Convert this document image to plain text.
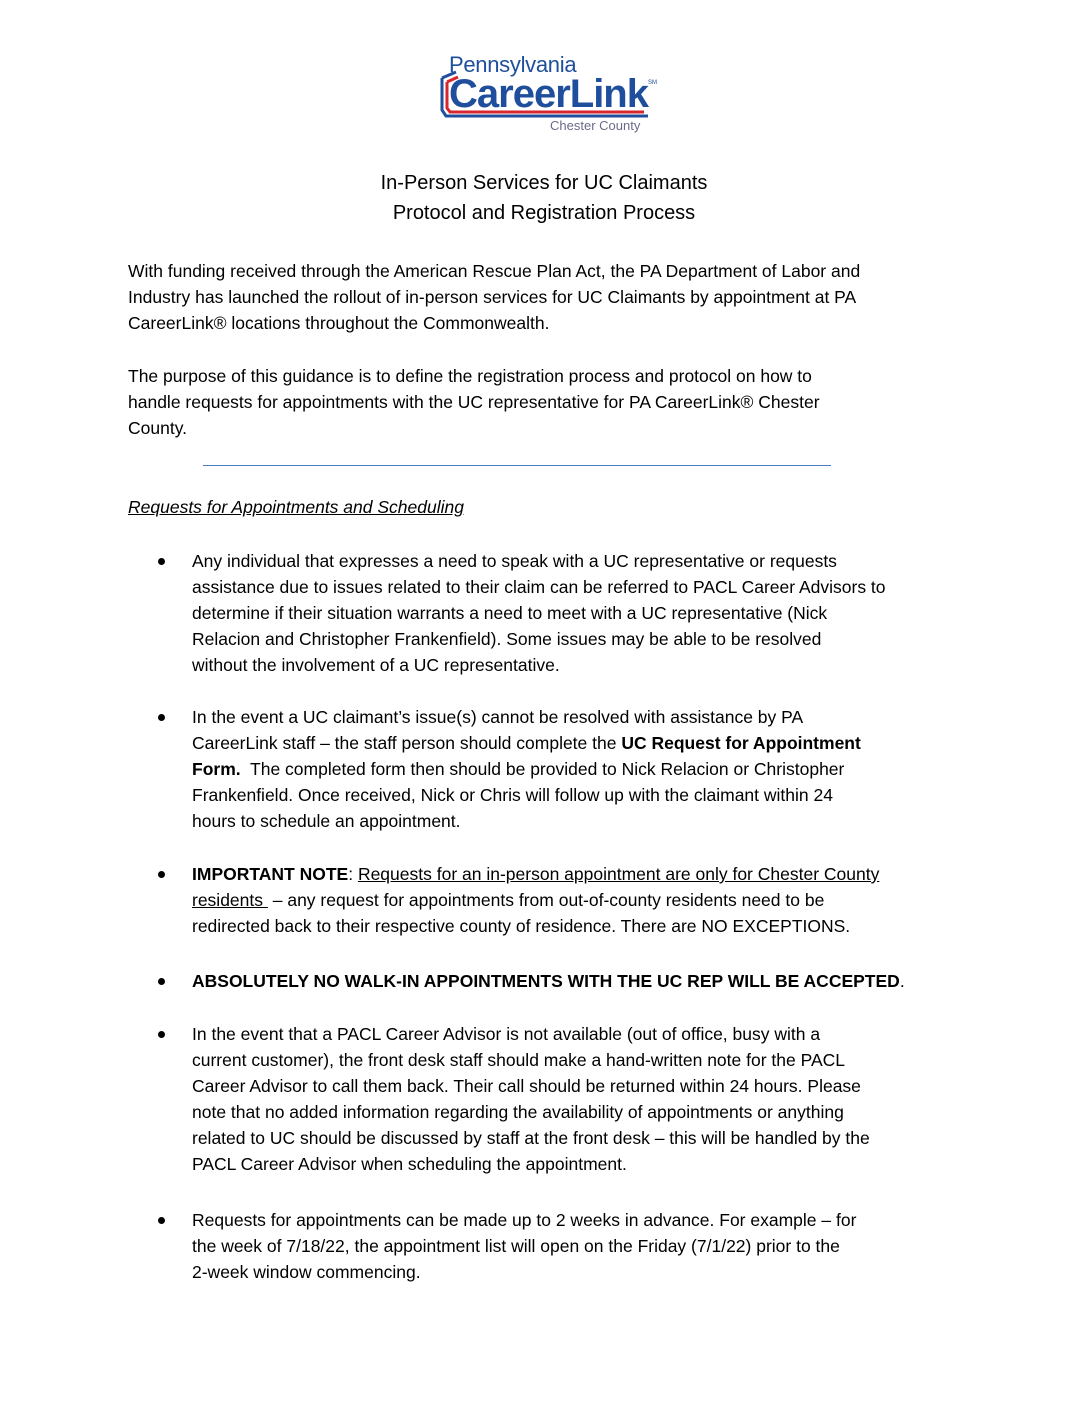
Pennsylvania
CareerLink SM
Chester County
In-Person Services for UC Claimants
Protocol and Registration Process
With funding received through the American Rescue Plan Act, the PA Department of Labor and
Industry has launched the rollout of in-person services for UC Claimants by appointment at PA
CareerLink® locations throughout the Commonwealth.
The purpose of this guidance is to define the registration process and protocol on how to
handle requests for appointments with the UC representative for PA CareerLink® Chester
County.
Requests for Appointments and Scheduling
Any individual that expresses a need to speak with a UC representative or requests
assistance due to issues related to their claim can be referred to PACL Career Advisors to
determine if their situation warrants a need to meet with a UC representative (Nick
Relacion and Christopher Frankenfield). Some issues may be able to be resolved
without the involvement of a UC representative.
In the event a UC claimant’s issue(s) cannot be resolved with assistance by PA
CareerLink staff – the staff person should complete the UC Request for Appointment
Form.  The completed form then should be provided to Nick Relacion or Christopher
Frankenfield. Once received, Nick or Chris will follow up with the claimant within 24
hours to schedule an appointment.
IMPORTANT NOTE: Requests for an in-person appointment are only for Chester County
residents  – any request for appointments from out-of-county residents need to be
redirected back to their respective county of residence. There are NO EXCEPTIONS.
ABSOLUTELY NO WALK-IN APPOINTMENTS WITH THE UC REP WILL BE ACCEPTED.
In the event that a PACL Career Advisor is not available (out of office, busy with a
current customer), the front desk staff should make a hand-written note for the PACL
Career Advisor to call them back. Their call should be returned within 24 hours. Please
note that no added information regarding the availability of appointments or anything
related to UC should be discussed by staff at the front desk – this will be handled by the
PACL Career Advisor when scheduling the appointment.
Requests for appointments can be made up to 2 weeks in advance. For example – for
the week of 7/18/22, the appointment list will open on the Friday (7/1/22) prior to the
2-week window commencing.
